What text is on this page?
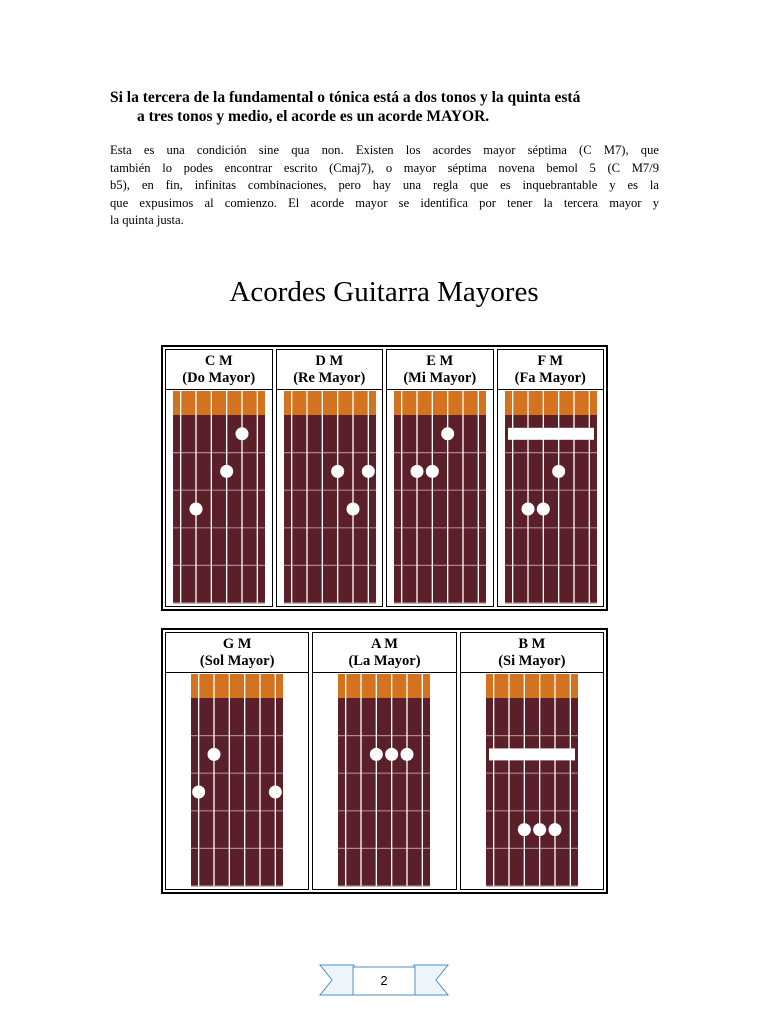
Si la tercera de la fundamental o tónica está a dos tonos y la quinta está
a tres tonos y medio, el acorde es un acorde MAYOR.
Esta es una condición sine qua non. Existen los acordes mayor séptima (C M7), que
también lo podes encontrar escrito (Cmaj7), o mayor séptima novena bemol 5 (C M7/9
b5), en fin, infinitas combinaciones, pero hay una regla que es inquebrantable y es la
que expusimos al comienzo. El acorde mayor se identifica por tener la tercera mayor y
la quinta justa.
Acordes Guitarra Mayores
C M
(Do Mayor)
D M
(Re Mayor)
E M
(Mi Mayor)
F M
(Fa Mayor)
G M
(Sol Mayor)
A M
(La Mayor)
B M
(Si Mayor)
2
